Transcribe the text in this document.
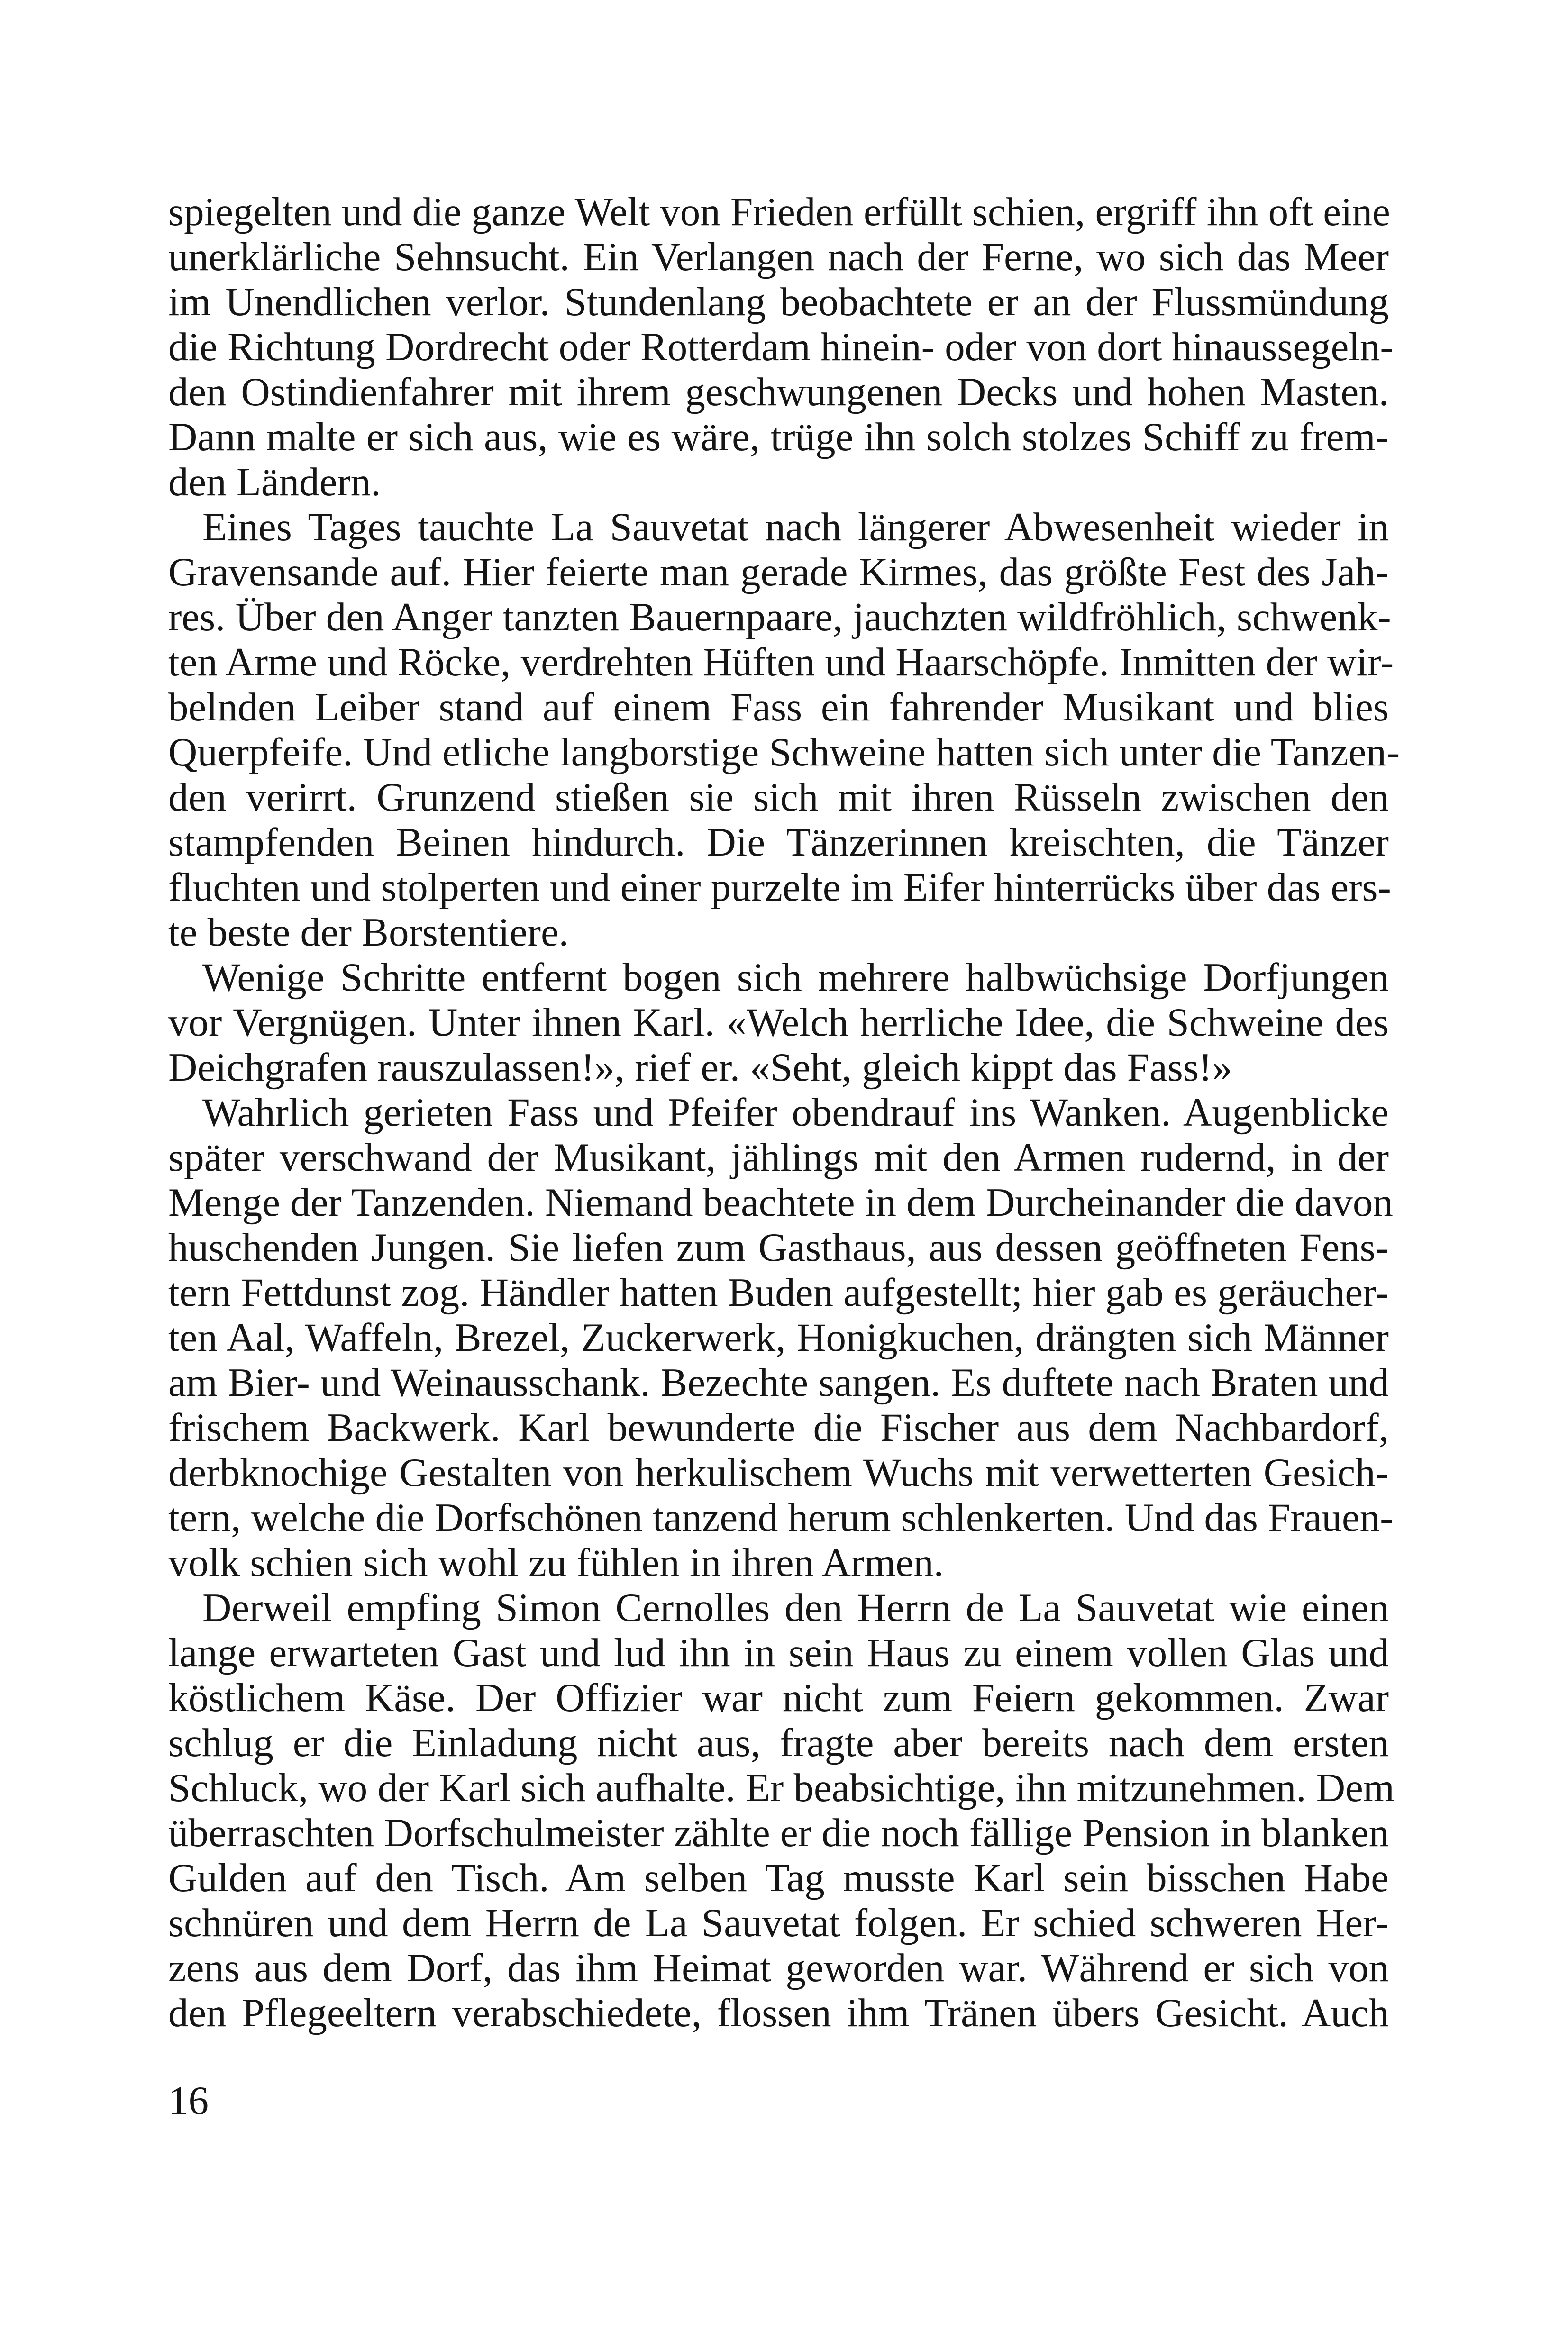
spiegelten und die ganze Welt von Frieden erfüllt schien, ergriff ihn oft eine
unerklärliche Sehnsucht. Ein Verlangen nach der Ferne, wo sich das Meer
im Unendlichen verlor. Stundenlang beobachtete er an der Flussmündung
die Richtung Dordrecht oder Rotterdam hinein- oder von dort hinaussegeln-
den Ostindienfahrer mit ihrem geschwungenen Decks und hohen Masten.
Dann malte er sich aus, wie es wäre, trüge ihn solch stolzes Schiff zu frem-
den Ländern.
Eines Tages tauchte La Sauvetat nach längerer Abwesenheit wieder in
Gravensande auf. Hier feierte man gerade Kirmes, das größte Fest des Jah-
res. Über den Anger tanzten Bauernpaare, jauchzten wildfröhlich, schwenk-
ten Arme und Röcke, verdrehten Hüften und Haarschöpfe. Inmitten der wir-
belnden Leiber stand auf einem Fass ein fahrender Musikant und blies
Querpfeife. Und etliche langborstige Schweine hatten sich unter die Tanzen-
den verirrt. Grunzend stießen sie sich mit ihren Rüsseln zwischen den
stampfenden Beinen hindurch. Die Tänzerinnen kreischten, die Tänzer
fluchten und stolperten und einer purzelte im Eifer hinterrücks über das ers-
te beste der Borstentiere.
Wenige Schritte entfernt bogen sich mehrere halbwüchsige Dorfjungen
vor Vergnügen. Unter ihnen Karl. «Welch herrliche Idee, die Schweine des
Deichgrafen rauszulassen!», rief er. «Seht, gleich kippt das Fass!»
Wahrlich gerieten Fass und Pfeifer obendrauf ins Wanken. Augenblicke
später verschwand der Musikant, jählings mit den Armen rudernd, in der
Menge der Tanzenden. Niemand beachtete in dem Durcheinander die davon
huschenden Jungen. Sie liefen zum Gasthaus, aus dessen geöffneten Fens-
tern Fettdunst zog. Händler hatten Buden aufgestellt; hier gab es geräucher-
ten Aal, Waffeln, Brezel, Zuckerwerk, Honigkuchen, drängten sich Männer
am Bier- und Weinausschank. Bezechte sangen. Es duftete nach Braten und
frischem Backwerk. Karl bewunderte die Fischer aus dem Nachbardorf,
derbknochige Gestalten von herkulischem Wuchs mit verwetterten Gesich-
tern, welche die Dorfschönen tanzend herum schlenkerten. Und das Frauen-
volk schien sich wohl zu fühlen in ihren Armen.
Derweil empfing Simon Cernolles den Herrn de La Sauvetat wie einen
lange erwarteten Gast und lud ihn in sein Haus zu einem vollen Glas und
köstlichem Käse. Der Offizier war nicht zum Feiern gekommen. Zwar
schlug er die Einladung nicht aus, fragte aber bereits nach dem ersten
Schluck, wo der Karl sich aufhalte. Er beabsichtige, ihn mitzunehmen. Dem
überraschten Dorfschulmeister zählte er die noch fällige Pension in blanken
Gulden auf den Tisch. Am selben Tag musste Karl sein bisschen Habe
schnüren und dem Herrn de La Sauvetat folgen. Er schied schweren Her-
zens aus dem Dorf, das ihm Heimat geworden war. Während er sich von
den Pflegeeltern verabschiedete, flossen ihm Tränen übers Gesicht. Auch
16
